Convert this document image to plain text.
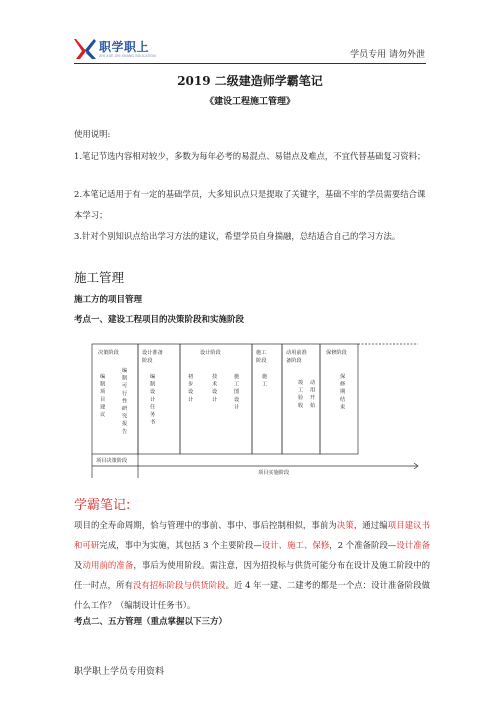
职学职上
ZHI XUE ZHI SHANG EDUCATION	学员专用 请勿外泄
2019 二级建造师学霸笔记
《建设工程施工管理》
使用说明:
1.笔记节选内容相对较少，多数为每年必考的易混点、易错点及难点，不宜代替基础复习资料；
2.本笔记适用于有一定的基础学员，大多知识点只是提取了关键字，基础不牢的学员需要结合课本学习；
3.针对个别知识点给出学习方法的建议，希望学员自身揣融，总结适合自己的学习方法。
施工管理
施工方的项目管理
考点一、建设工程项目的决策阶段和实施阶段
决策阶段	设计准备
阶段
设计阶段	施工
阶段
动用前准
备阶段
保修阶段
编制项目建议
编制可行性研究报告
编制设计任务书
初步设计
技术设计
施工图设计
施工	竣工验收
动用开始
保修期结束
项目决策阶段
项目实施阶段
学霸笔记:
项目的全寿命周期，恰与管理中的事前、事中、事后控制相似，事前为决策，通过编项目建议书和可研完成，事中为实施，其包括 3 个主要阶段—设计、施工、保修，2 个准备阶段—设计准备及动用前的准备，事后为使用阶段。需注意，因为招投标与供货可能分布在设计及施工阶段中的任一时点，所有没有招标阶段与供货阶段。近 4 年一建、二建考的都是一个点：设计准备阶段做什么工作？（编制设计任务书）。
考点二、五方管理（重点掌握以下三方）
职学职上学员专用资料
